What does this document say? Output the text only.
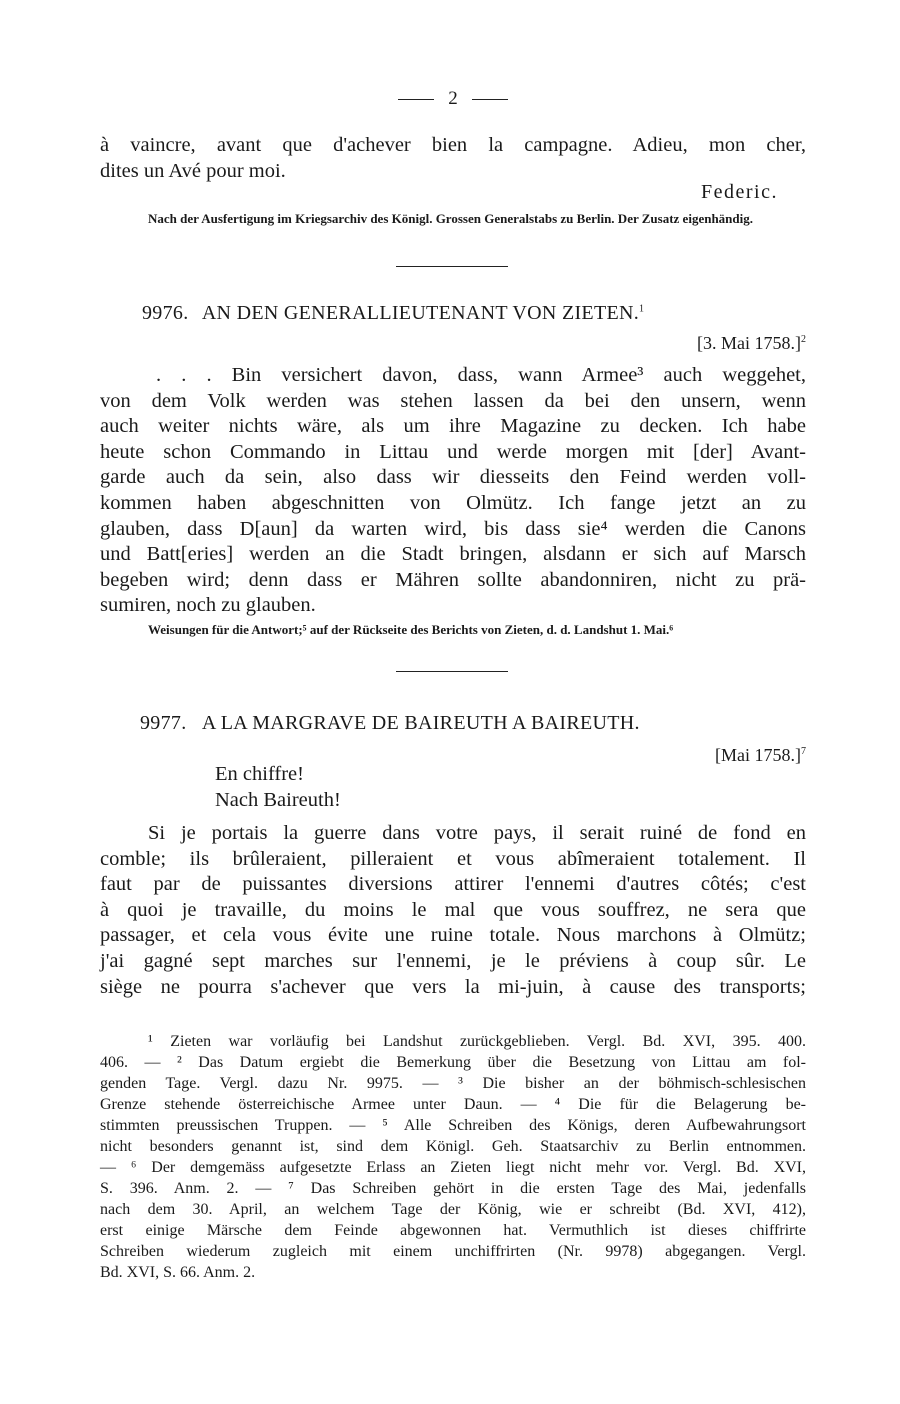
2
à vaincre, avant que d'achever bien la campagne. Adieu, mon cher,
dites un Avé pour moi.
Federic.
Nach der Ausfertigung im Kriegsarchiv des Königl. Grossen Generalstabs zu Berlin. Der Zusatz eigenhändig.
9976. AN DEN GENERALLIEUTENANT VON ZIETEN.$^1$
[3. Mai 1758.]$^2$
. . . Bin versichert davon, dass, wann Armee³ auch weggehet,
von dem Volk werden was stehen lassen da bei den unsern, wenn
auch weiter nichts wäre, als um ihre Magazine zu decken. Ich habe
heute schon Commando in Littau und werde morgen mit [der] Avant-
garde auch da sein, also dass wir diesseits den Feind werden voll-
kommen haben abgeschnitten von Olmütz. Ich fange jetzt an zu
glauben, dass D[aun] da warten wird, bis dass sie⁴ werden die Canons
und Batt[eries] werden an die Stadt bringen, alsdann er sich auf Marsch
begeben wird; denn dass er Mähren sollte abandonniren, nicht zu prä-
sumiren, noch zu glauben.
Weisungen für die Antwort;⁵ auf der Rückseite des Berichts von Zieten, d. d. Landshut 1. Mai.⁶
9977. A LA MARGRAVE DE BAIREUTH A BAIREUTH.
[Mai 1758.]$^7$
En chiffre!
Nach Baireuth!
Si je portais la guerre dans votre pays, il serait ruiné de fond en
comble; ils brûleraient, pilleraient et vous abîmeraient totalement. Il
faut par de puissantes diversions attirer l'ennemi d'autres côtés; c'est
à quoi je travaille, du moins le mal que vous souffrez, ne sera que
passager, et cela vous évite une ruine totale. Nous marchons à Olmütz;
j'ai gagné sept marches sur l'ennemi, je le préviens à coup sûr. Le
siège ne pourra s'achever que vers la mi-juin, à cause des transports;
¹ Zieten war vorläufig bei Landshut zurückgeblieben. Vergl. Bd. XVI, 395. 400.
406. — ² Das Datum ergiebt die Bemerkung über die Besetzung von Littau am fol-
genden Tage. Vergl. dazu Nr. 9975. — ³ Die bisher an der böhmisch-schlesischen
Grenze stehende österreichische Armee unter Daun. — ⁴ Die für die Belagerung be-
stimmten preussischen Truppen. — ⁵ Alle Schreiben des Königs, deren Aufbewahrungsort
nicht besonders genannt ist, sind dem Königl. Geh. Staatsarchiv zu Berlin entnommen.
— ⁶ Der demgemäss aufgesetzte Erlass an Zieten liegt nicht mehr vor. Vergl. Bd. XVI,
S. 396. Anm. 2. — ⁷ Das Schreiben gehört in die ersten Tage des Mai, jedenfalls
nach dem 30. April, an welchem Tage der König, wie er schreibt (Bd. XVI, 412),
erst einige Märsche dem Feinde abgewonnen hat. Vermuthlich ist dieses chiffrirte
Schreiben wiederum zugleich mit einem unchiffrirten (Nr. 9978) abgegangen. Vergl.
Bd. XVI, S. 66. Anm. 2.
